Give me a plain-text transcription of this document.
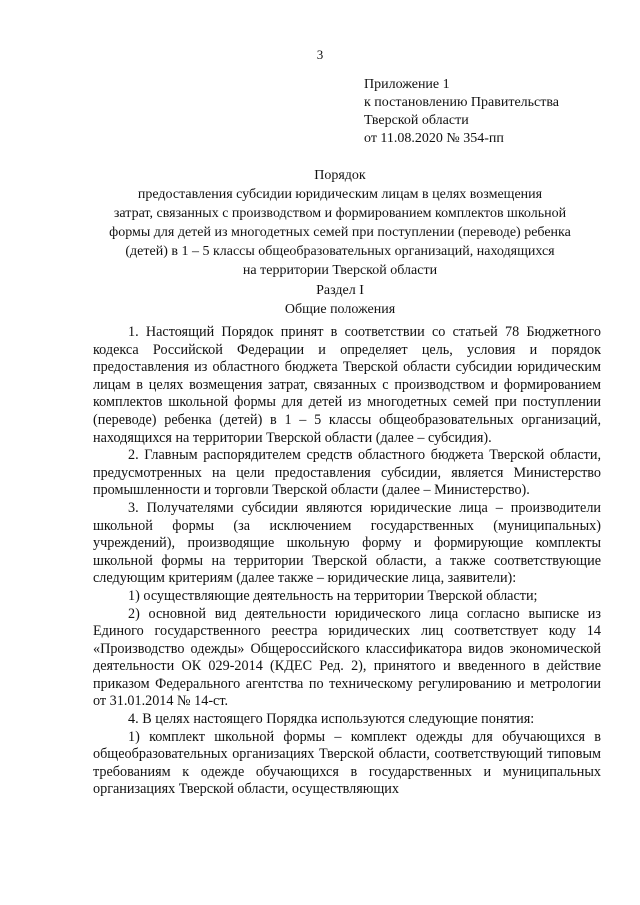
3
Приложение 1
к постановлению Правительства
Тверской области
от 11.08.2020 № 354-пп
Порядок
предоставления субсидии юридическим лицам в целях возмещения
затрат, связанных с производством и формированием комплектов школьной
формы для детей из многодетных семей при поступлении (переводе) ребенка
(детей) в 1 – 5 классы общеобразовательных организаций, находящихся
на территории Тверской области
Раздел I
Общие положения

1. Настоящий Порядок принят в соответствии со статьей 78 Бюджетного кодекса Российской Федерации и определяет цель, условия и порядок предоставления из областного бюджета Тверской области субсидии юридическим лицам в целях возмещения затрат, связанных с производством и формированием комплектов школьной формы для детей из многодетных семей при поступлении (переводе) ребенка (детей) в 1 – 5 классы общеобразовательных организаций, находящихся на территории Тверской области (далее – субсидия).

2. Главным распорядителем средств областного бюджета Тверской области, предусмотренных на цели предоставления субсидии, является Министерство промышленности и торговли Тверской области (далее – Министерство).

3. Получателями субсидии являются юридические лица – производители школьной формы (за исключением государственных (муниципальных) учреждений), производящие школьную форму и формирующие комплекты школьной формы на территории Тверской области, а также соответствующие следующим критериям (далее также – юридические лица, заявители):

1) осуществляющие деятельность на территории Тверской области;

2) основной вид деятельности юридического лица согласно выписке из Единого государственного реестра юридических лиц соответствует коду 14 «Производство одежды» Общероссийского классификатора видов экономической деятельности ОК 029-2014 (КДЕС Ред. 2), принятого и введенного в действие приказом Федерального агентства по техническому регулированию и метрологии от 31.01.2014 № 14-ст.

4. В целях настоящего Порядка используются следующие понятия:

1) комплект школьной формы – комплект одежды для обучающихся в общеобразовательных организациях Тверской области, соответствующий типовым требованиям к одежде обучающихся в государственных и муниципальных организациях Тверской области, осуществляющих
